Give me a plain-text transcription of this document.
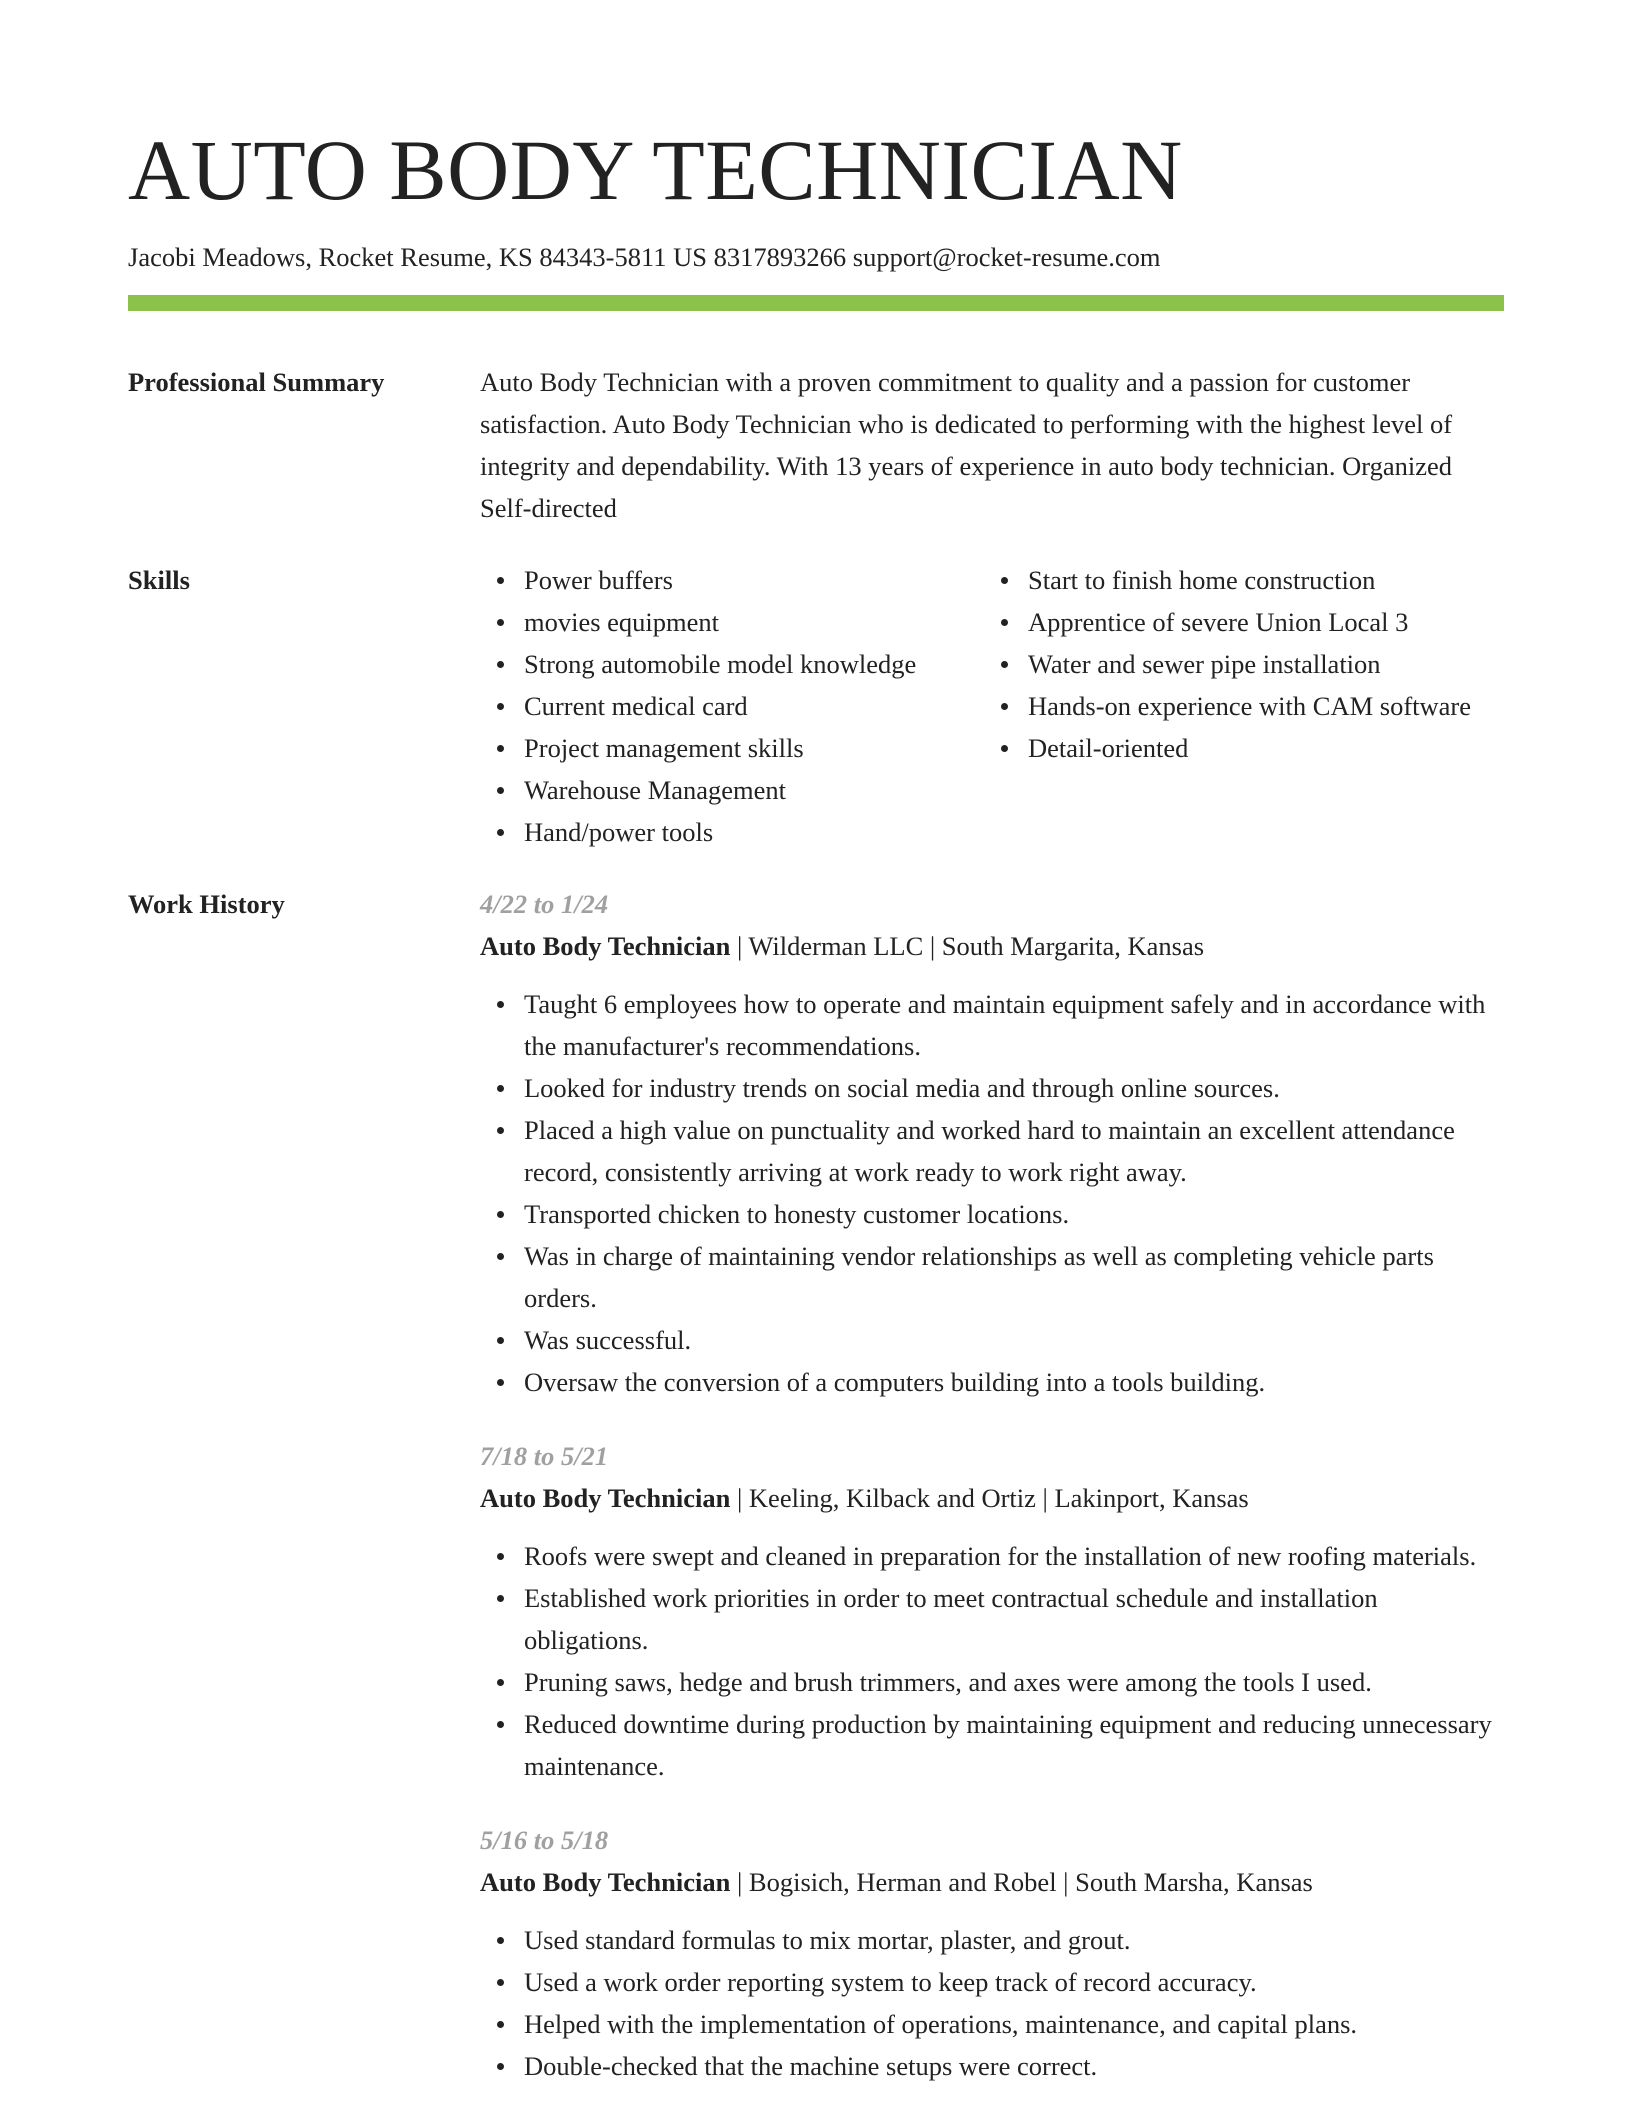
AUTO BODY TECHNICIAN
Jacobi Meadows, Rocket Resume, KS 84343-5811 US 8317893266 support@rocket-resume.com
Professional Summary	Auto Body Technician with a proven commitment to quality and a passion for customer satisfaction. Auto Body Technician who is dedicated to performing with the highest level of integrity and dependability. With 13 years of experience in auto body technician. Organized Self-directed

Skills	Power buffers
movies equipment
Strong automobile model knowledge
Current medical card
Project management skills
Warehouse Management
Hand/power tools
Start to finish home construction
Apprentice of severe Union Local 3
Water and sewer pipe installation
Hands-on experience with CAM software
Detail-oriented
Work History	4/22 to 1/24
Auto Body Technician | Wilderman LLC | South Margarita, Kansas
Taught 6 employees how to operate and maintain equipment safely and in accordance with the manufacturer's recommendations.
Looked for industry trends on social media and through online sources.
Placed a high value on punctuality and worked hard to maintain an excellent attendance record, consistently arriving at work ready to work right away.
Transported chicken to honesty customer locations.
Was in charge of maintaining vendor relationships as well as completing vehicle parts orders.
Was successful.
Oversaw the conversion of a computers building into a tools building.
7/18 to 5/21
Auto Body Technician | Keeling, Kilback and Ortiz | Lakinport, Kansas
Roofs were swept and cleaned in preparation for the installation of new roofing materials.
Established work priorities in order to meet contractual schedule and installation obligations.
Pruning saws, hedge and brush trimmers, and axes were among the tools I used.
Reduced downtime during production by maintaining equipment and reducing unnecessary maintenance.
5/16 to 5/18
Auto Body Technician | Bogisich, Herman and Robel | South Marsha, Kansas
Used standard formulas to mix mortar, plaster, and grout.
Used a work order reporting system to keep track of record accuracy.
Helped with the implementation of operations, maintenance, and capital plans.
Double-checked that the machine setups were correct.
